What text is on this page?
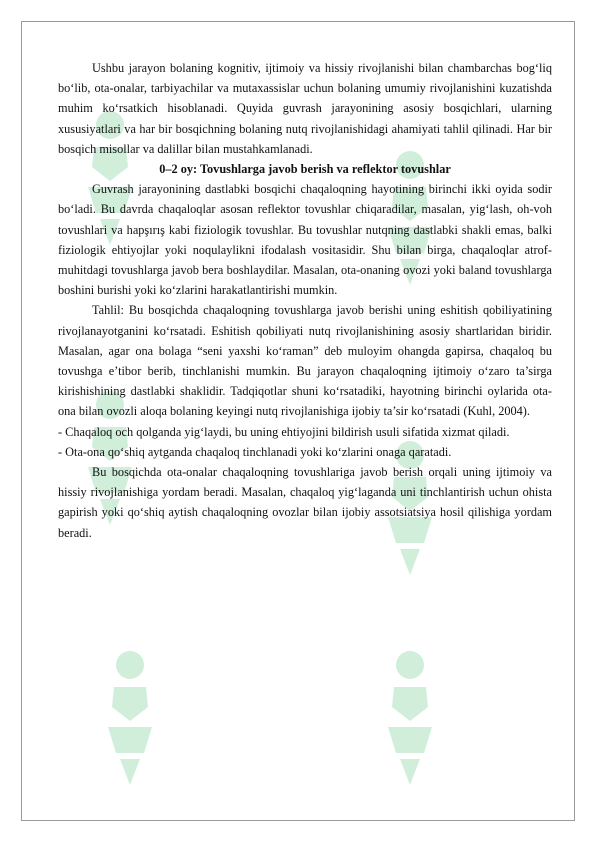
Ushbu jarayon bolaning kognitiv, ijtimoiy va hissiy rivojlanishi bilan chambarchas bog‘liq bo‘lib, ota-onalar, tarbiyachilar va mutaxassislar uchun bolaning umumiy rivojlanishini kuzatishda muhim ko‘rsatkich hisoblanadi. Quyida guvrash jarayonining asosiy bosqichlari, ularning xususiyatlari va har bir bosqichning bolaning nutq rivojlanishidagi ahamiyati tahlil qilinadi. Har bir bosqich misollar va dalillar bilan mustahkamlanadi.

0–2 oy: Tovushlarga javob berish va reflektor tovushlar

Guvrash jarayonining dastlabki bosqichi chaqaloqning hayotining birinchi ikki oyida sodir bo‘ladi. Bu davrda chaqaloqlar asosan reflektor tovushlar chiqaradilar, masalan, yig‘lash, oh-voh tovushlari va hapşırış kabi fiziologik tovushlar. Bu tovushlar nutqning dastlabki shakli emas, balki fiziologik ehtiyojlar yoki noqulaylikni ifodalash vositasidir. Shu bilan birga, chaqaloqlar atrof-muhitdagi tovushlarga javob bera boshlaydilar. Masalan, ota-onaning ovozi yoki baland tovushlarga boshini burishi yoki ko‘zlarini harakatlantirishi mumkin.

Tahlil: Bu bosqichda chaqaloqning tovushlarga javob berishi uning eshitish qobiliyatining rivojlanayotganini ko‘rsatadi. Eshitish qobiliyati nutq rivojlanishining asosiy shartlaridan biridir. Masalan, agar ona bolaga “seni yaxshi ko‘raman” deb muloyim ohangda gapirsa, chaqaloq bu tovushga e’tibor berib, tinchlanishi mumkin. Bu jarayon chaqaloqning ijtimoiy o‘zaro ta’sirga kirishishining dastlabki shaklidir. Tadqiqotlar shuni ko‘rsatadiki, hayotning birinchi oylarida ota-ona bilan ovozli aloqa bolaning keyingi nutq rivojlanishiga ijobiy ta’sir ko‘rsatadi (Kuhl, 2004).

- Chaqaloq och qolganda yig‘laydi, bu uning ehtiyojini bildirish usuli sifatida xizmat qiladi.

- Ota-ona qo‘shiq aytganda chaqaloq tinchlanadi yoki ko‘zlarini onaga qaratadi.

Bu bosqichda ota-onalar chaqaloqning tovushlariga javob berish orqali uning ijtimoiy va hissiy rivojlanishiga yordam beradi. Masalan, chaqaloq yig‘laganda uni tinchlantirish uchun ohista gapirish yoki qo‘shiq aytish chaqaloqning ovozlar bilan ijobiy assotsiatsiya hosil qilishiga yordam beradi.
